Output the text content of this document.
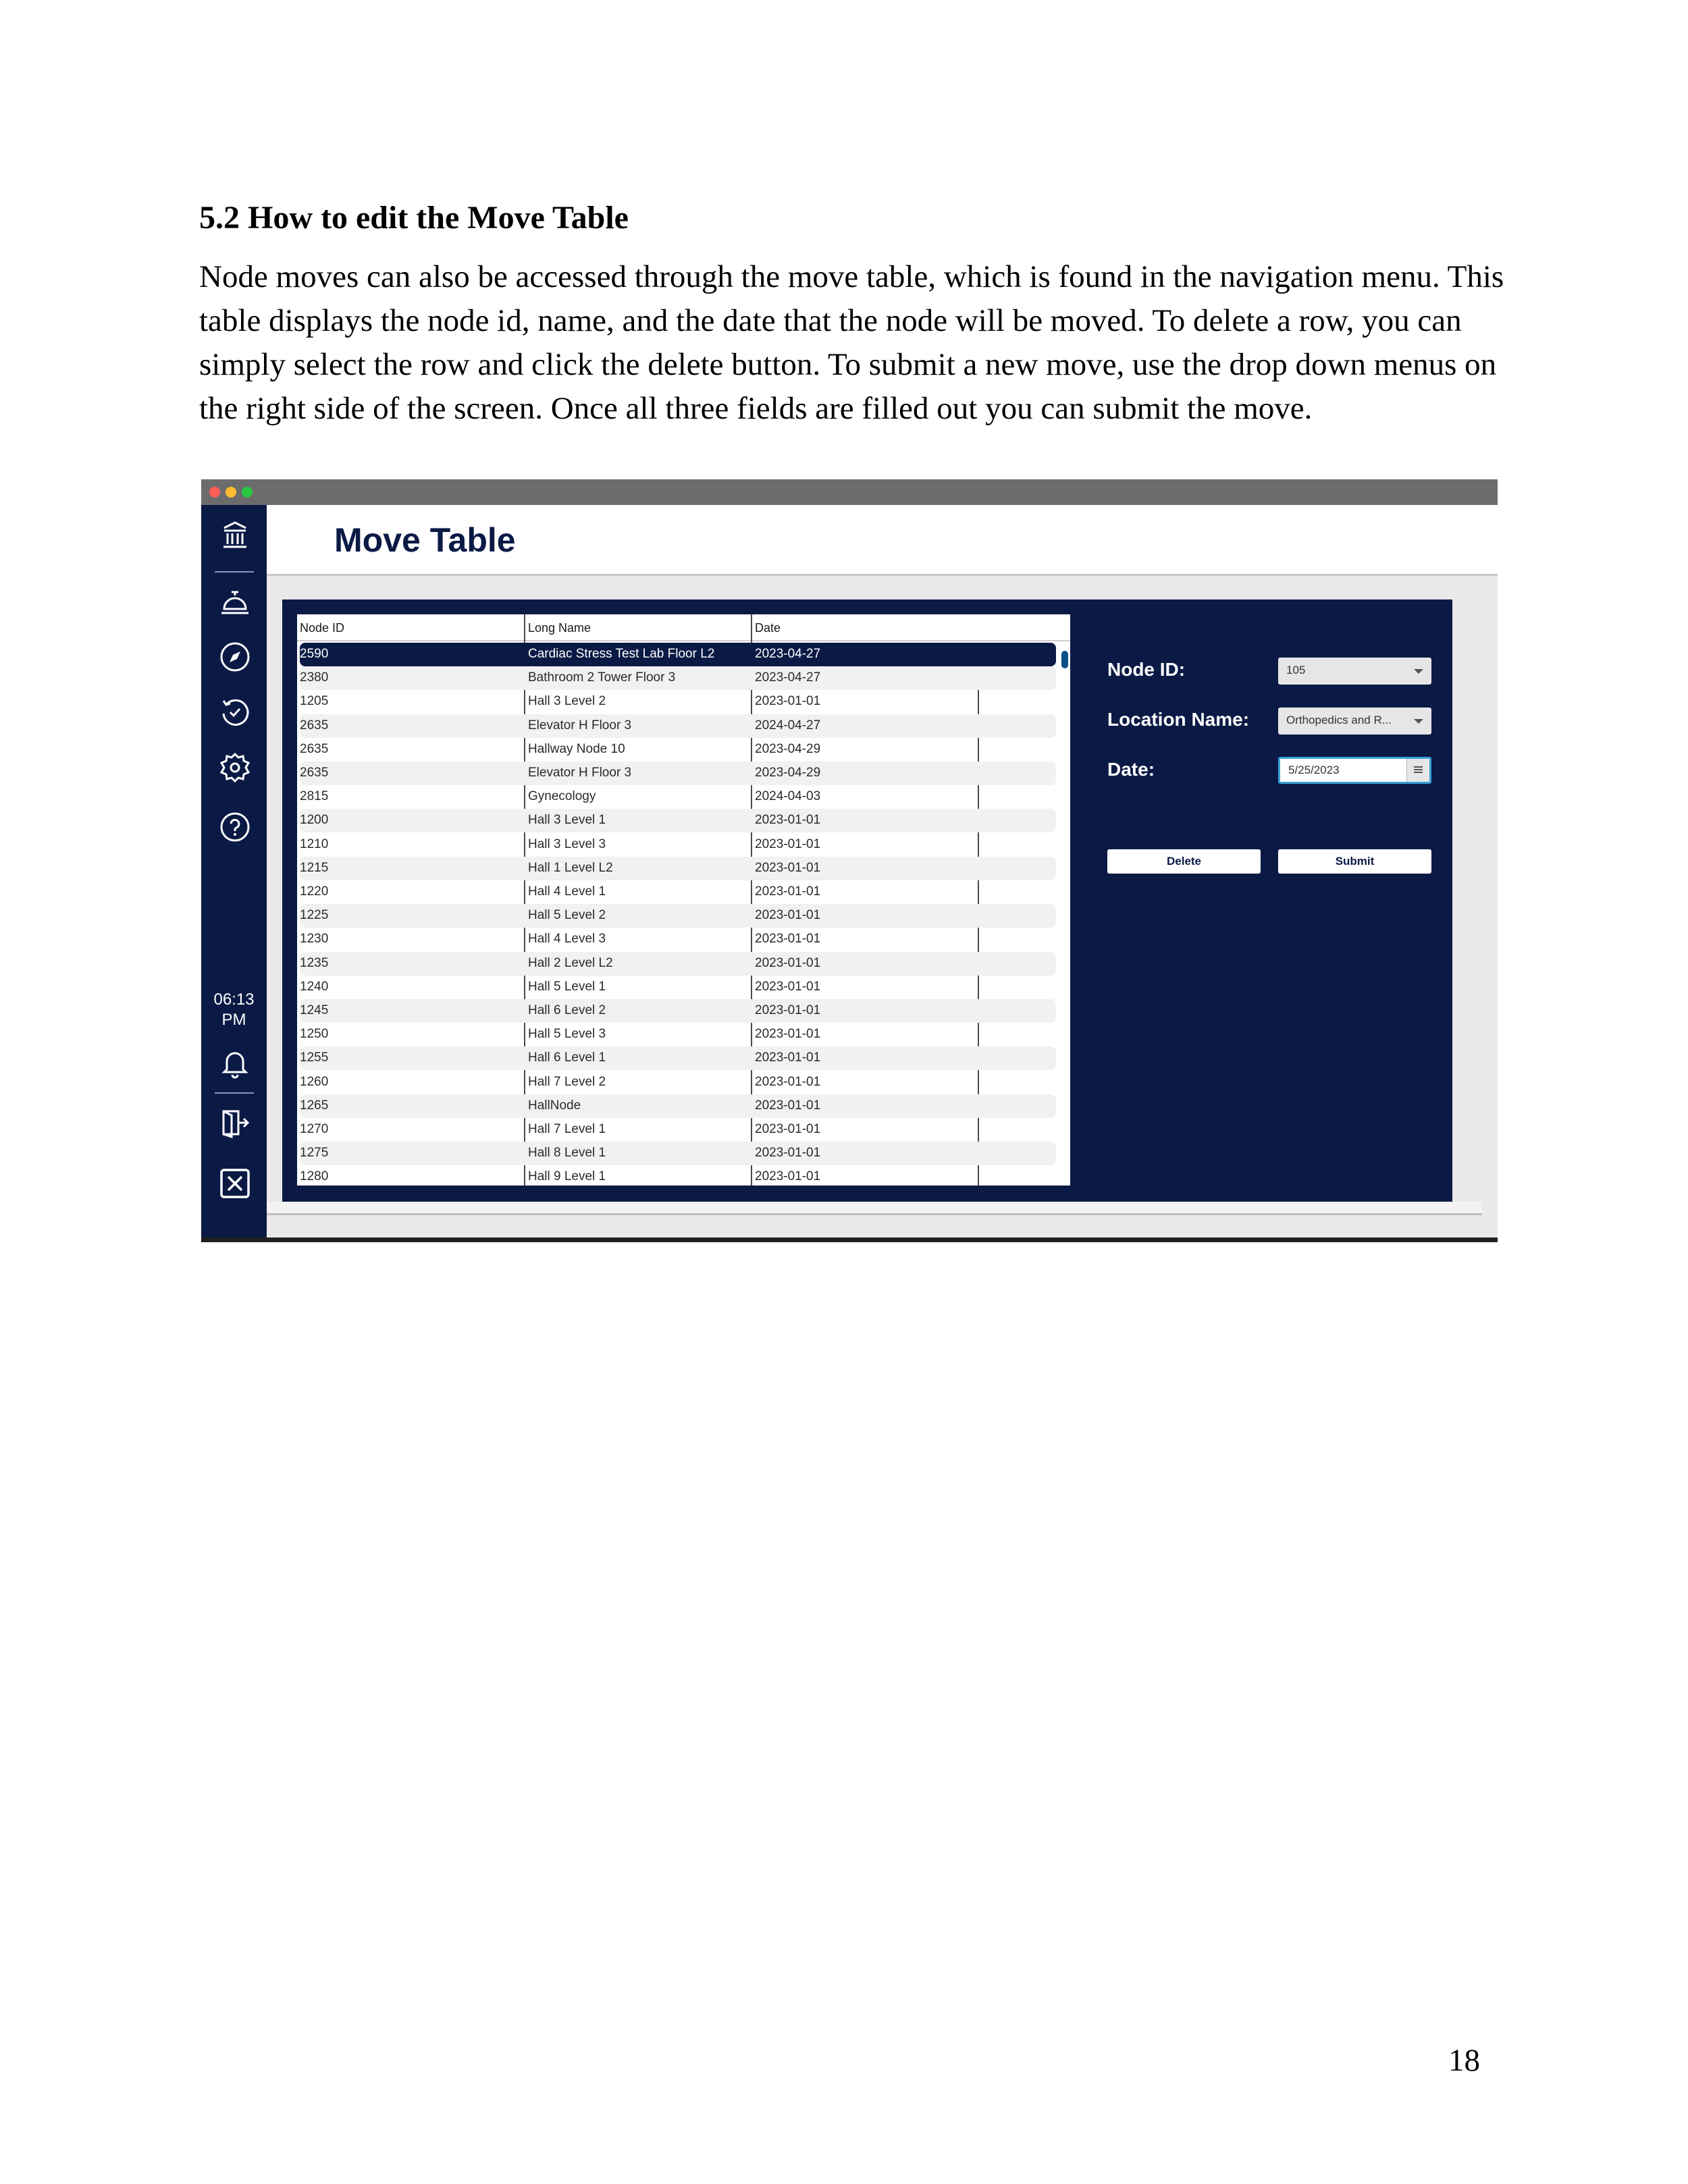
5.2 How to edit the Move Table
Node moves can also be accessed through the move table, which is found in the navigation menu. This table displays the node id, name, and the date that the node will be moved. To delete a row, you can simply select the row and click the delete button. To submit a new move, use the drop down menus on the right side of the screen. Once all three fields are filled out you can submit the move.
06:13
PM
Move Table
Node ID	Long Name	Date
2590	Cardiac Stress Test Lab Floor L2	2023-04-27
2380	Bathroom 2 Tower Floor 3	2023-04-27
1205	Hall 3 Level 2	2023-01-01
2635	Elevator H Floor 3	2024-04-27
2635	Hallway Node 10	2023-04-29
2635	Elevator H Floor 3	2023-04-29
2815	Gynecology	2024-04-03
1200	Hall 3 Level 1	2023-01-01
1210	Hall 3 Level 3	2023-01-01
1215	Hall 1 Level L2	2023-01-01
1220	Hall 4 Level 1	2023-01-01
1225	Hall 5 Level 2	2023-01-01
1230	Hall 4 Level 3	2023-01-01
1235	Hall 2 Level L2	2023-01-01
1240	Hall 5 Level 1	2023-01-01
1245	Hall 6 Level 2	2023-01-01
1250	Hall 5 Level 3	2023-01-01
1255	Hall 6 Level 1	2023-01-01
1260	Hall 7 Level 2	2023-01-01
1265	HallNode	2023-01-01
1270	Hall 7 Level 1	2023-01-01
1275	Hall 8 Level 1	2023-01-01
1280	Hall 9 Level 1	2023-01-01
Node ID:	105
Location Name:	Orthopedics and R...
Date:	5/25/2023
Delete	Submit
18
